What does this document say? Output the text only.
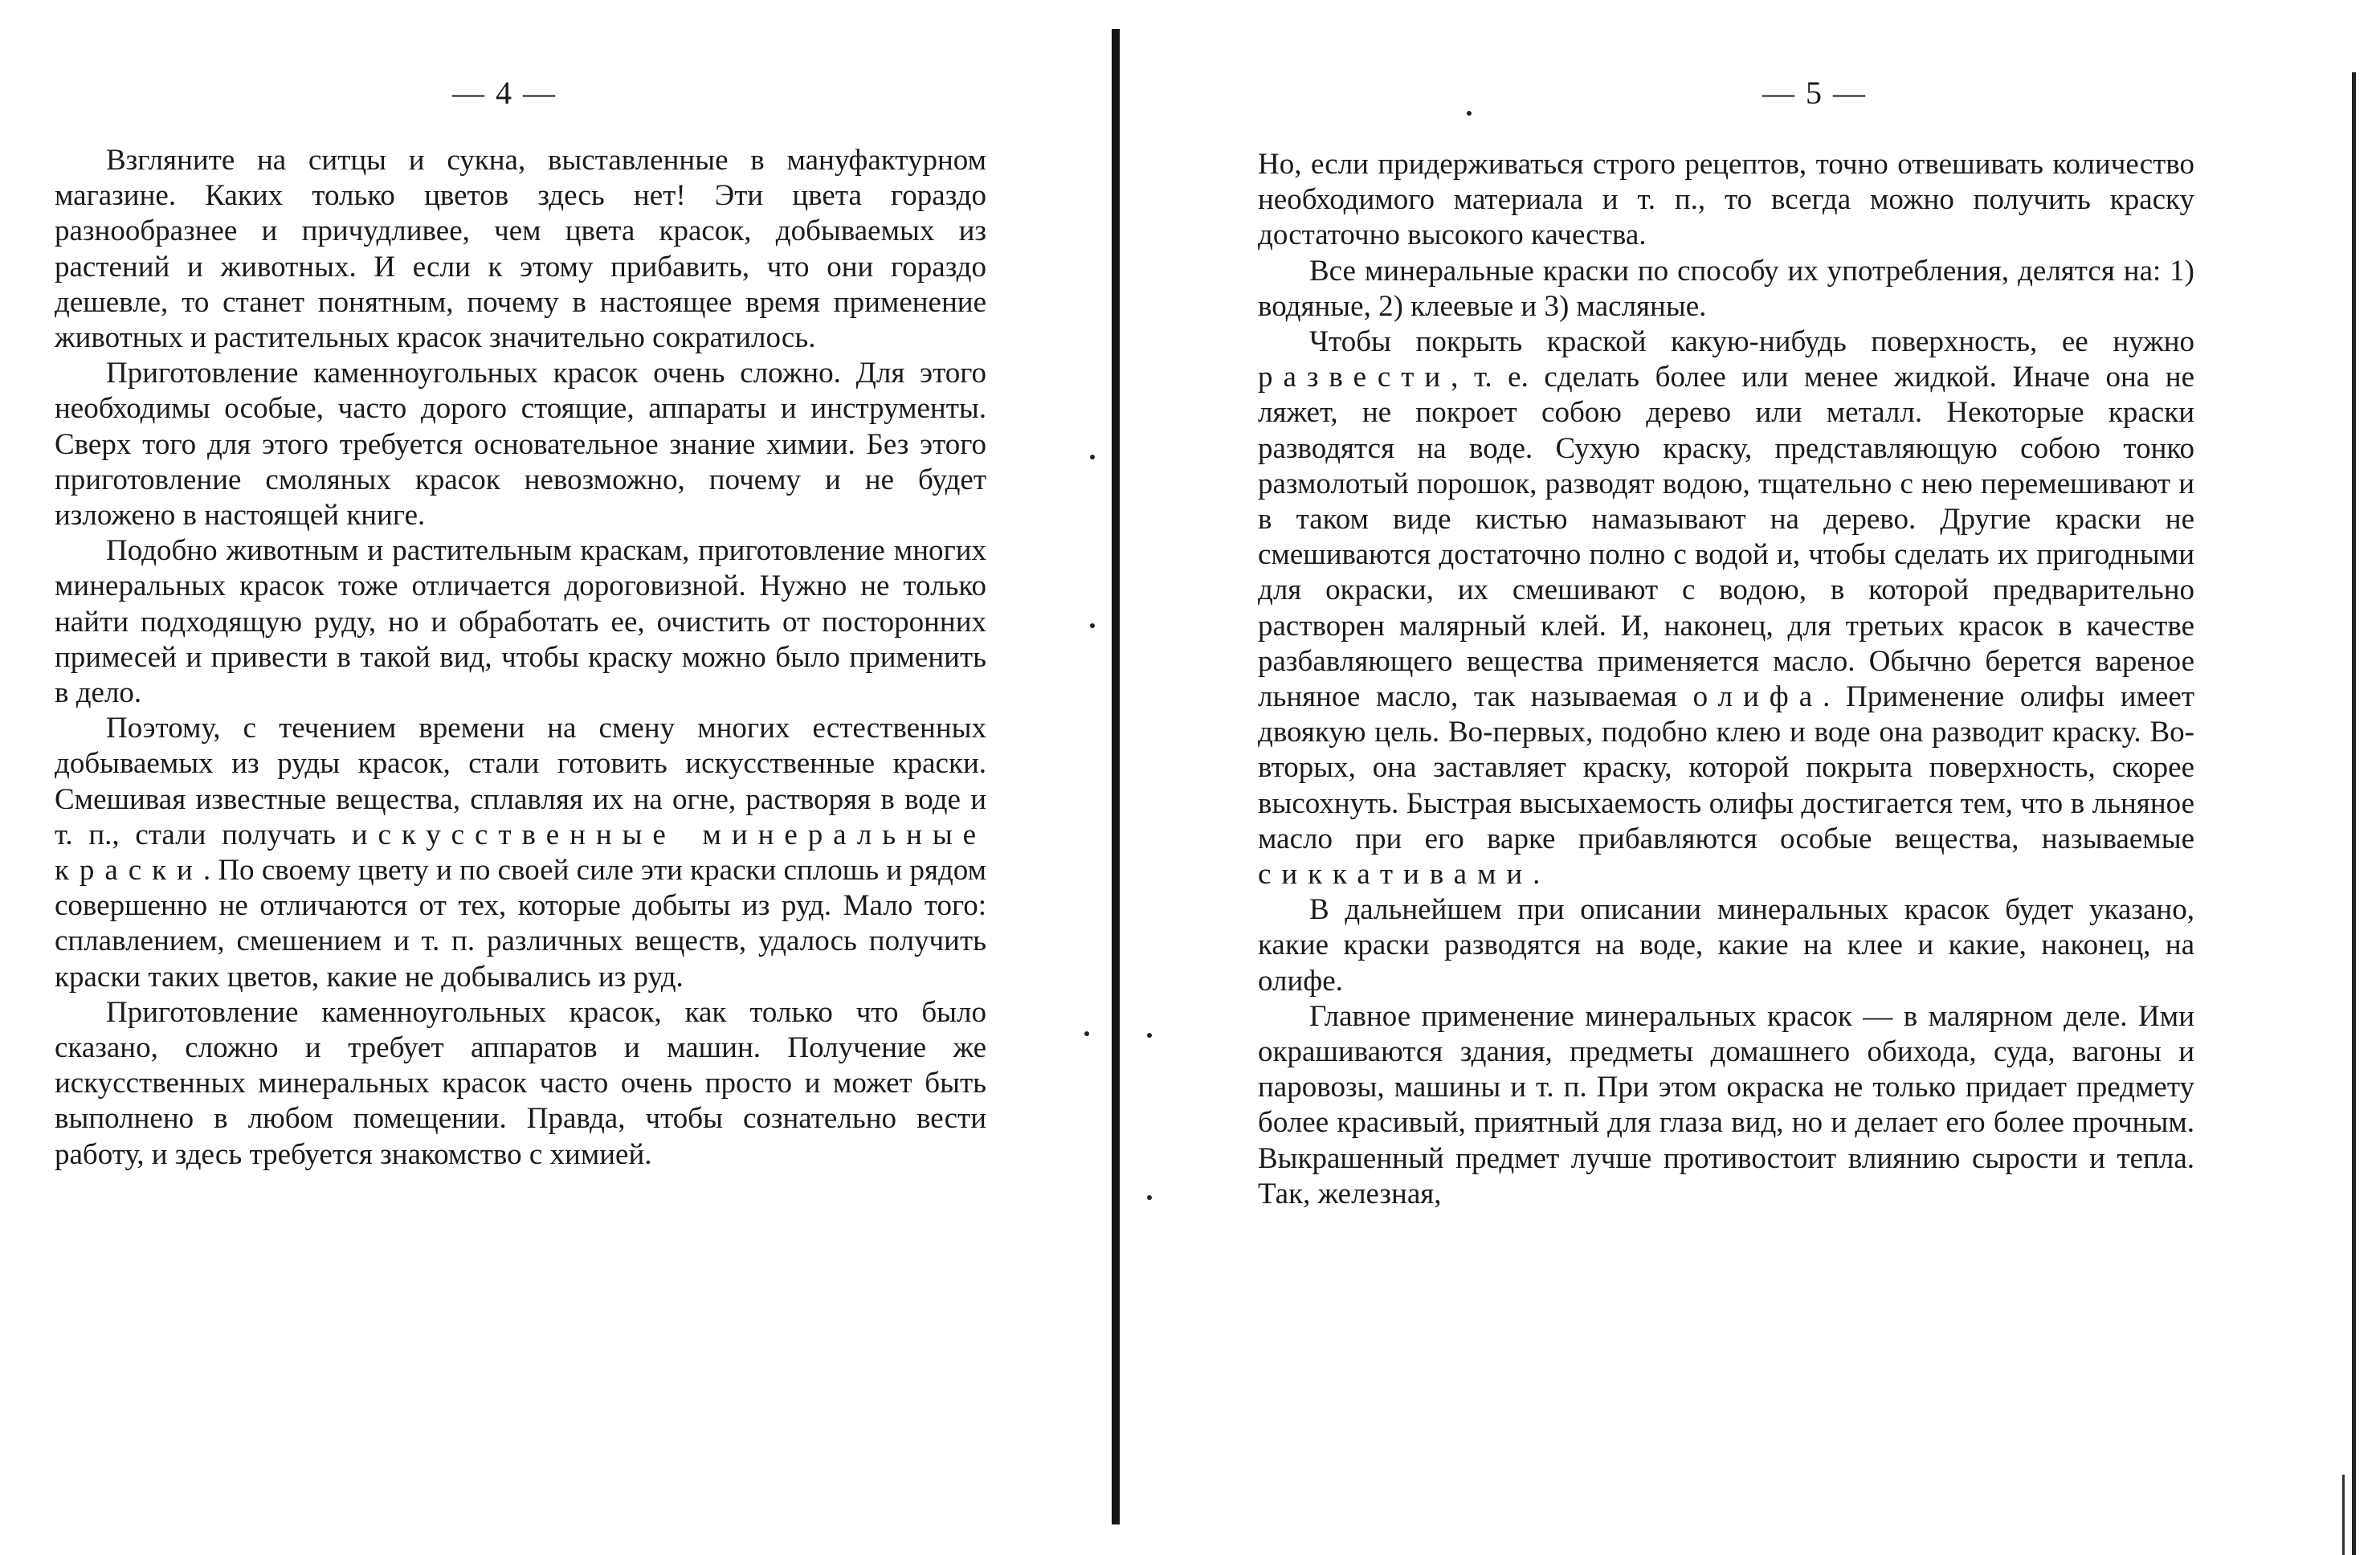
— 4 —

Взгляните на ситцы и сукна, выставленные в мануфактурном магазине. Каких только цветов здесь нет! Эти цвета гораздо разнообразнее и причудливее, чем цвета красок, добываемых из растений и животных. И если к этому прибавить, что они гораздо дешевле, то станет понятным, почему в настоящее время применение животных и растительных красок значительно сократилось.

Приготовление каменноугольных красок очень сложно. Для этого необходимы особые, часто дорого стоящие, аппараты и инструменты. Сверх того для этого требуется основательное знание химии. Без этого приготовление смоляных красок невозможно, почему и не будет изложено в настоящей книге.

Подобно животным и растительным краскам, приготовление многих минеральных красок тоже отличается дороговизной. Нужно не только найти подходящую руду, но и обработать ее, очистить от посторонних примесей и привести в такой вид, чтобы краску можно было применить в дело.

Поэтому, с течением времени на смену многих естественных добываемых из руды красок, стали готовить искусственные краски. Смешивая известные вещества, сплавляя их на огне, растворяя в воде и т. п., стали получать искусственные минеральные краски. По своему цвету и по своей силе эти краски сплошь и рядом совершенно не отличаются от тех, которые добыты из руд. Мало того: сплавлением, смешением и т. п. различных веществ, удалось получить краски таких цветов, какие не добывались из руд.

Приготовление каменноугольных красок, как только что было сказано, сложно и требует аппаратов и машин. Получение же искусственных минеральных красок часто очень просто и может быть выполнено в любом помещении. Правда, чтобы сознательно вести работу, и здесь требуется знакомство с химией.

— 5 —

Но, если придерживаться строго рецептов, точно отвешивать количество необходимого материала и т. п., то всегда можно получить краску достаточно высокого качества.

Все минеральные краски по способу их употребления, делятся на: 1) водяные, 2) клеевые и 3) масляные.

Чтобы покрыть краской какую-нибудь поверхность, ее нужно развести, т. е. сделать более или менее жидкой. Иначе она не ляжет, не покроет собою дерево или металл. Некоторые краски разводятся на воде. Сухую краску, представляющую собою тонко размолотый порошок, разводят водою, тщательно с нею перемешивают и в таком виде кистью намазывают на дерево. Другие краски не смешиваются достаточно полно с водой и, чтобы сделать их пригодными для окраски, их смешивают с водою, в которой предварительно растворен малярный клей. И, наконец, для третьих красок в качестве разбавляющего вещества применяется масло. Обычно берется вареное льняное масло, так называемая олифа. Применение олифы имеет двоякую цель. Во-первых, подобно клею и воде она разводит краску. Во-вторых, она заставляет краску, которой покрыта поверхность, скорее высохнуть. Быстрая высыхаемость олифы достигается тем, что в льняное масло при его варке прибавляются особые вещества, называемые сиккативами.

В дальнейшем при описании минеральных красок будет указано, какие краски разводятся на воде, какие на клее и какие, наконец, на олифе.

Главное применение минеральных красок — в малярном деле. Ими окрашиваются здания, предметы домашнего обихода, суда, вагоны и паровозы, машины и т. п. При этом окраска не только придает предмету более красивый, приятный для глаза вид, но и делает его более прочным. Выкрашенный предмет лучше противостоит влиянию сырости и тепла. Так, железная,
